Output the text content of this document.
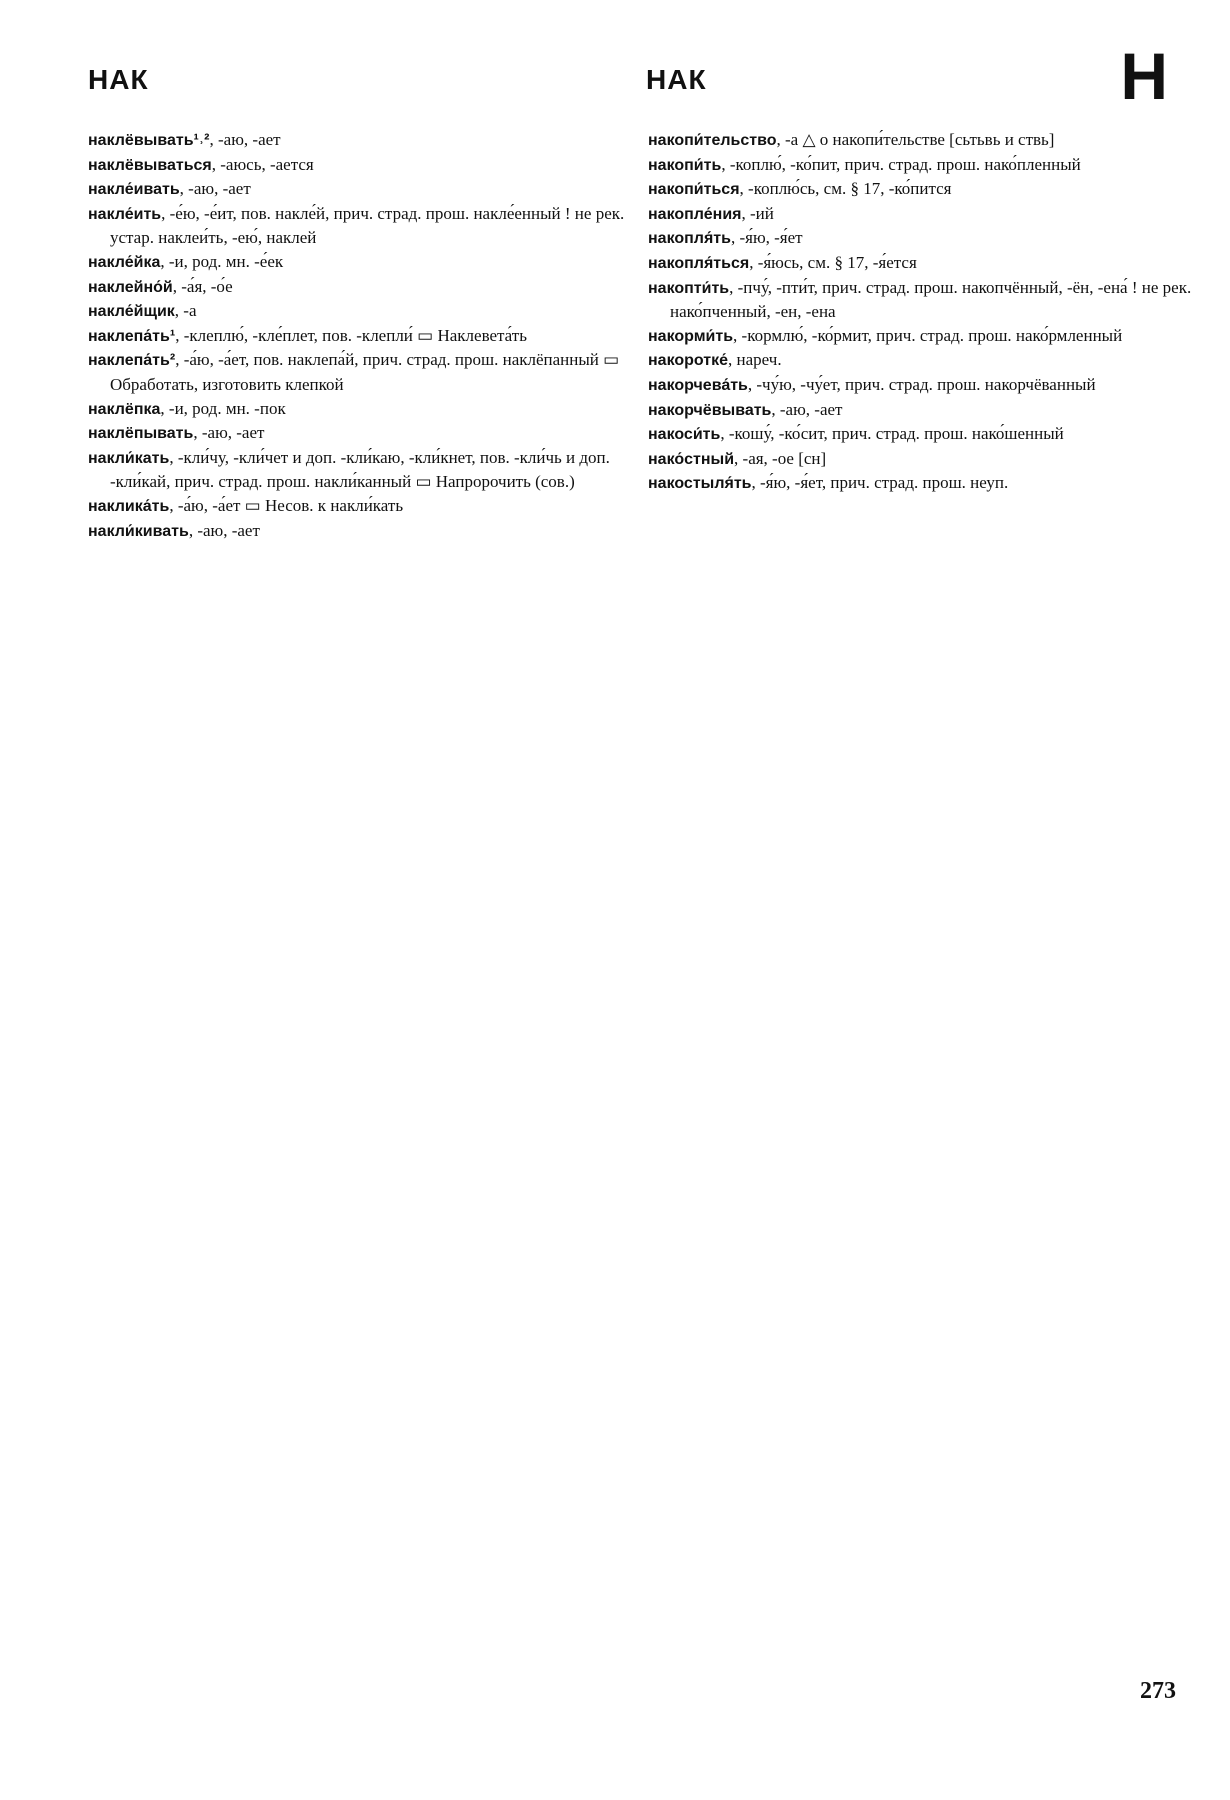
НАК	НАК	Н

наклёвывать¹˒², -аю, -ает

наклёвываться, -аюсь, -ается

накле́ивать, -аю, -ает

накле́ить, -е́ю, -е́ит, пов. накле́й, прич. страд. прош. накле́енный ! не рек. устар. наклеи́ть, -ею́, наклей

накле́йка, -и, род. мн. -е́ек

наклейно́й, -а́я, -о́е

накле́йщик, -а

наклепа́ть¹, -клеплю́, -кле́плет, пов. -клепли́ ▭ Наклевета́ть

наклепа́ть², -а́ю, -а́ет, пов. наклепа́й, прич. страд. прош. наклёпанный ▭ Обработать, изготовить клепкой

наклёпка, -и, род. мн. -пок

наклёпывать, -аю, -ает

накли́кать, -кли́чу, -кли́чет и доп. -кли́каю, -кли́кнет, пов. -кли́чь и доп. -кли́кай, прич. страд. прош. накли́канный ▭ Напророчить (сов.)

наклика́ть, -а́ю, -а́ет ▭ Несов. к накли́кать

накли́кивать, -аю, -ает

накопи́тельство, -а △ о накопи́тельстве [сьтьвь и ствь]

накопи́ть, -коплю́, -ко́пит, прич. страд. прош. нако́пленный

накопи́ться, -коплю́сь, см. § 17, -ко́пится

накопле́ния, -ий

накопля́ть, -я́ю, -я́ет

накопля́ться, -я́юсь, см. § 17, -я́ется

накопти́ть, -пчу́, -пти́т, прич. страд. прош. накопчённый, -ён, -ена́ ! не рек. нако́пченный, -ен, -ена

накорми́ть, -кормлю́, -ко́рмит, прич. страд. прош. нако́рмленный

накоротке́, нареч.

накорчева́ть, -чу́ю, -чу́ет, прич. страд. прош. накорчёванный

накорчёвывать, -аю, -ает

накоси́ть, -кошу́, -ко́сит, прич. страд. прош. нако́шенный

нако́стный, -ая, -ое [сн]

накостыля́ть, -я́ю, -я́ет, прич. страд. прош. неуп.

273
